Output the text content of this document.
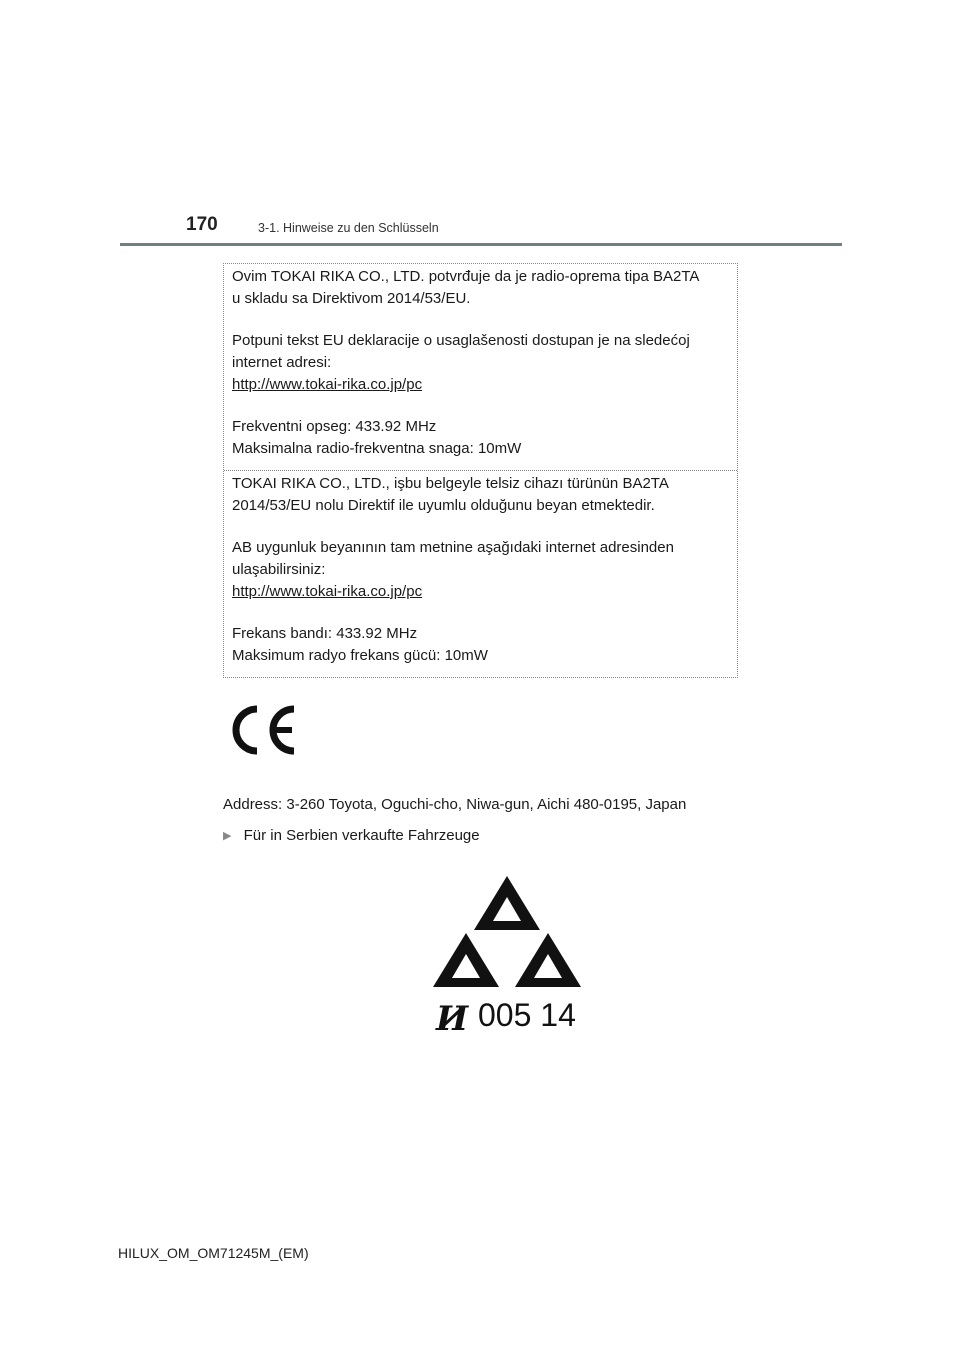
170	3-1. Hinweise zu den Schlüsseln

Ovim TOKAI RIKA CO., LTD. potvrđuje da je radio-oprema tipa BA2TA

u skladu sa Direktivom 2014/53/EU.

Potpuni tekst EU deklaracije o usaglašenosti dostupan je na sledećoj

internet adresi:

http://www.tokai-rika.co.jp/pc

Frekventni opseg: 433.92 MHz

Maksimalna radio-frekventna snaga: 10mW

TOKAI RIKA CO., LTD., işbu belgeyle telsiz cihazı türünün BA2TA

2014/53/EU nolu Direktif ile uyumlu olduğunu beyan etmektedir.

AB uygunluk beyanının tam metnine aşağıdaki internet adresinden

ulaşabilirsiniz:

http://www.tokai-rika.co.jp/pc

Frekans bandı: 433.92 MHz

Maksimum radyo frekans gücü: 10mW

Address: 3-260 Toyota, Oguchi-cho, Niwa-gun, Aichi 480-0195, Japan
▶ Für in Serbien verkaufte Fahrzeuge
И 005 14
HILUX_OM_OM71245M_(EM)
